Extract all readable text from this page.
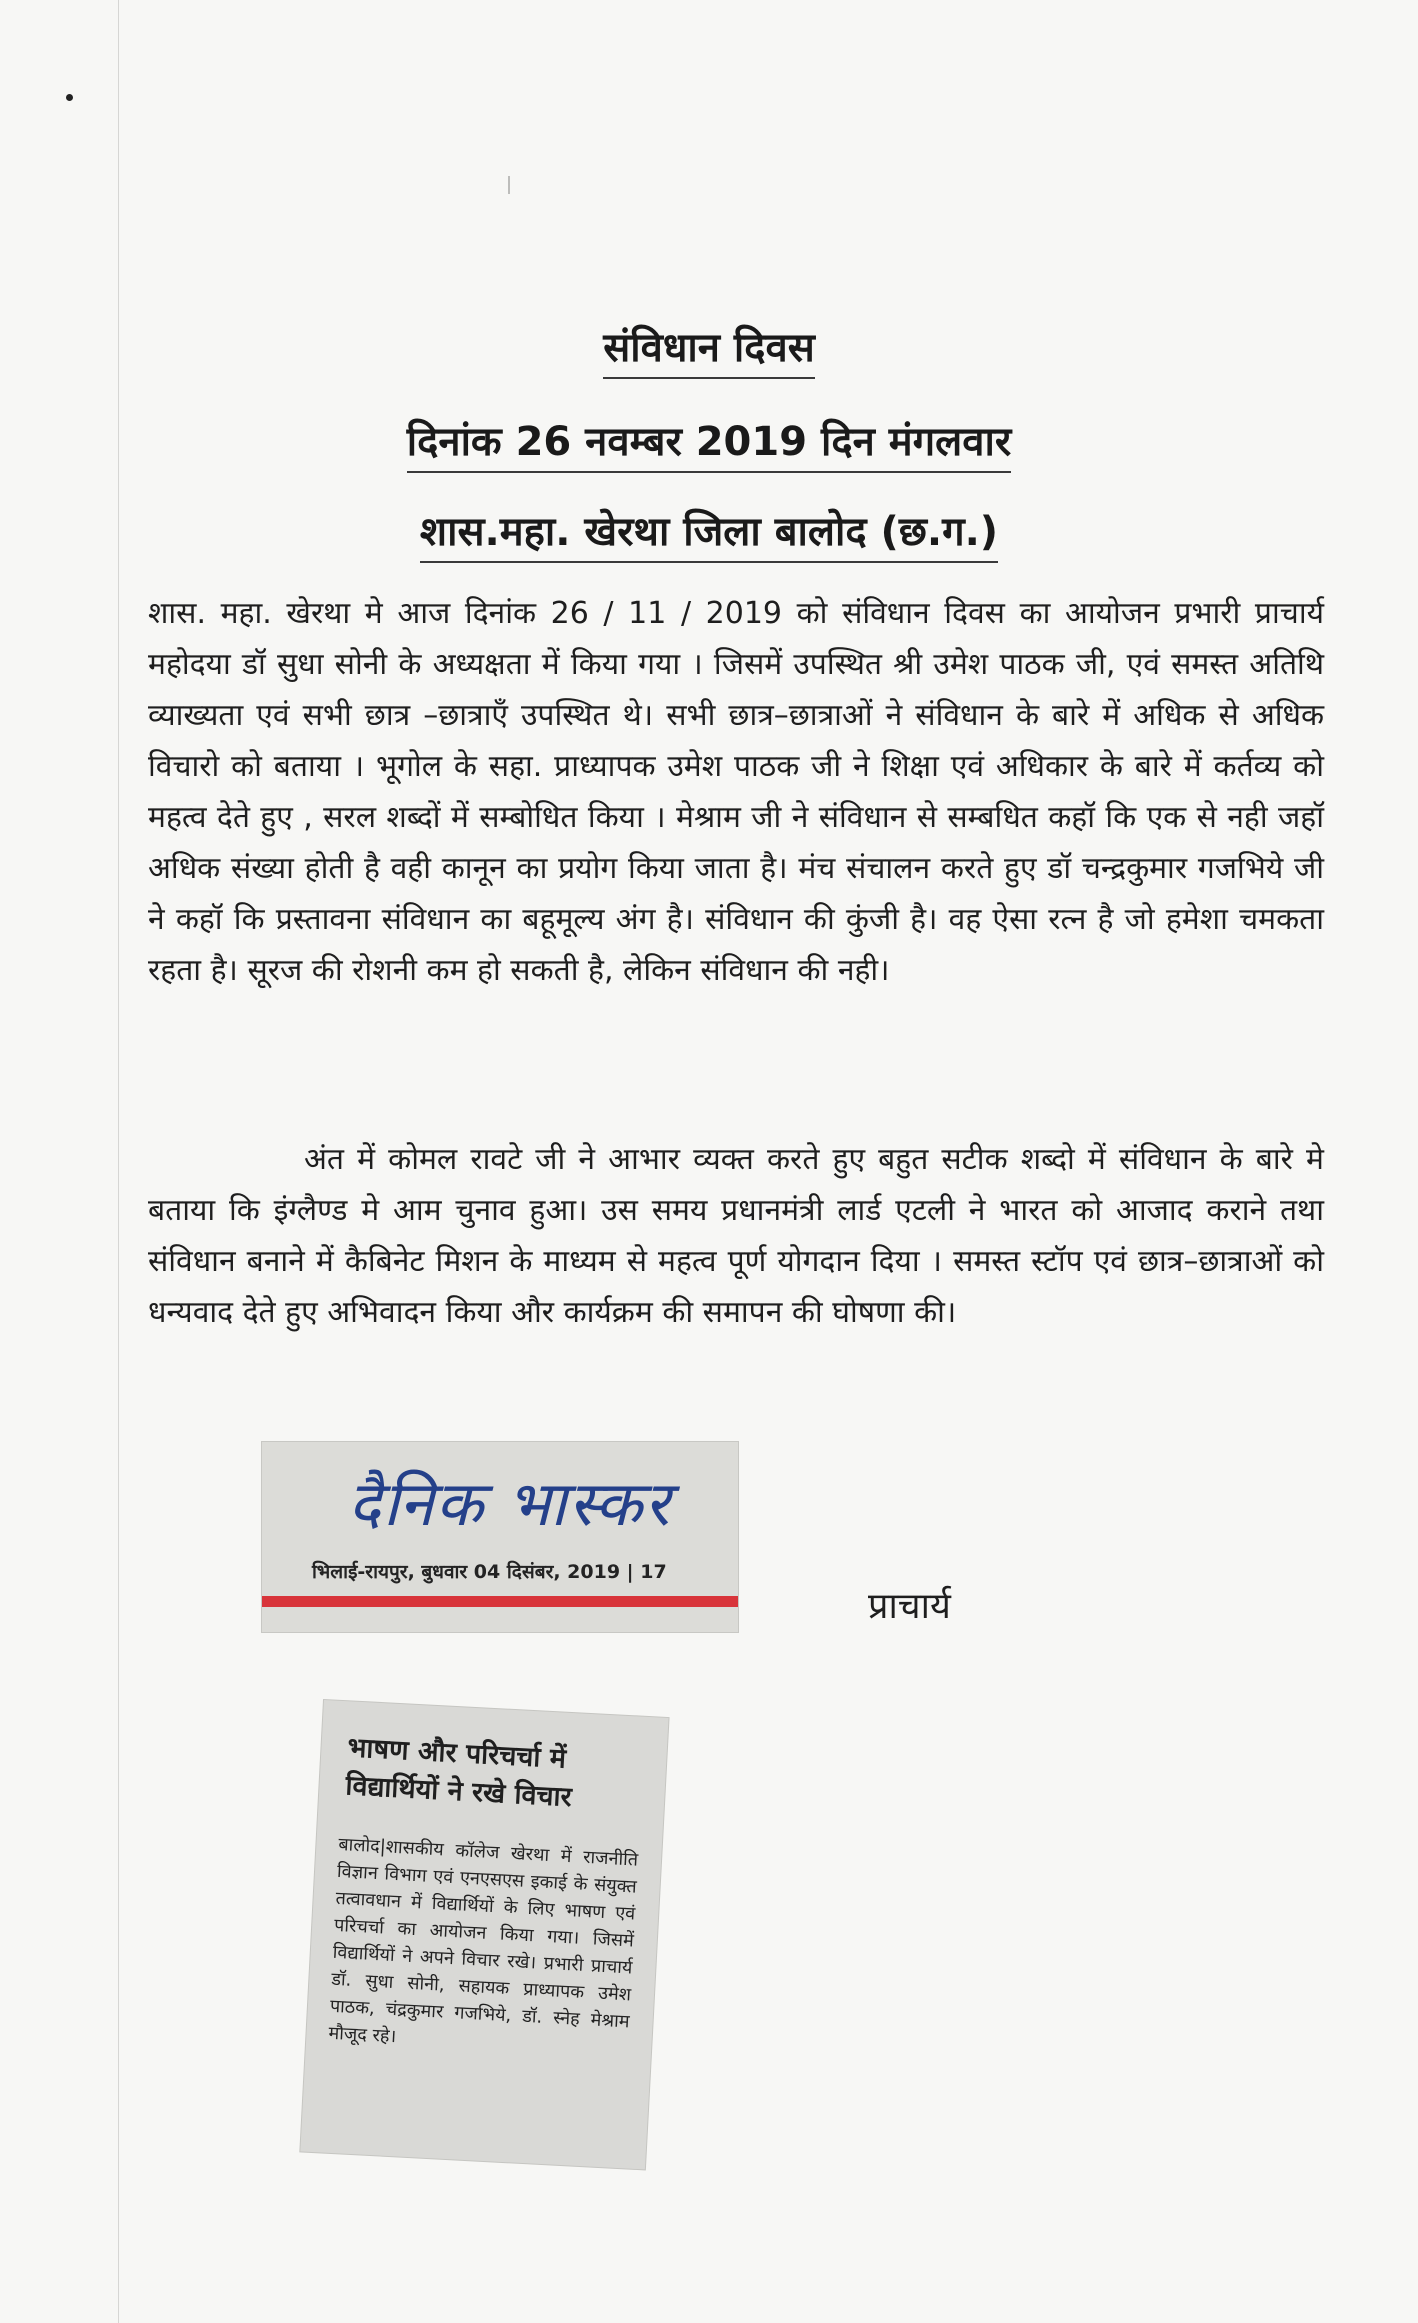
संविधान दिवस
दिनांक 26 नवम्बर 2019 दिन मंगलवार
शास.महा. खेरथा जिला बालोद (छ.ग.)

शास. महा. खेरथा मे आज दिनांक 26 / 11 / 2019 को संविधान दिवस का आयोजन प्रभारी प्राचार्य महोदया डॉ सुधा सोनी के अध्यक्षता में किया गया । जिसमें उपस्थित श्री उमेश पाठक जी, एवं समस्त अतिथि व्याख्यता एवं सभी छात्र –छात्राएँ उपस्थित थे। सभी छात्र–छात्राओं ने संविधान के बारे में अधिक से अधिक विचारो को बताया । भूगोल के सहा. प्राध्यापक उमेश पाठक जी ने शिक्षा एवं अधिकार के बारे में कर्तव्य को महत्व देते हुए , सरल शब्दों में सम्बोधित किया । मेश्राम जी ने संविधान से सम्बधित कहॉ कि एक से नही जहॉ अधिक संख्या होती है वही कानून का प्रयोग किया जाता है। मंच संचालन करते हुए डॉ चन्द्रकुमार गजभिये जी ने कहॉ कि प्रस्तावना संविधान का बहूमूल्य अंग है। संविधान की कुंजी है। वह ऐसा रत्न है जो हमेशा चमकता रहता है। सूरज की रोशनी कम हो सकती है, लेकिन संविधान की नही।

अंत में कोमल रावटे जी ने आभार व्यक्त करते हुए बहुत सटीक शब्दो में संविधान के बारे मे बताया कि इंग्लैण्ड मे आम चुनाव हुआ। उस समय प्रधानमंत्री लार्ड एटली ने भारत को आजाद कराने तथा संविधान बनाने में कैबिनेट मिशन के माध्यम से महत्व पूर्ण योगदान दिया । समस्त स्टॉप एवं छात्र–छात्राओं को धन्यवाद देते हुए अभिवादन किया और कार्यक्रम की समापन की घोषणा की।

दैनिक भास्कर
भिलाई-रायपुर, बुधवार 04 दिसंबर, 2019 | 17
प्राचार्य
भाषण और परिचर्चा में विद्यार्थियों ने रखे विचार

बालोद|शासकीय कॉलेज खेरथा में राजनीति विज्ञान विभाग एवं एनएसएस इकाई के संयुक्त तत्वावधान में विद्यार्थियों के लिए भाषण एवं परिचर्चा का आयोजन किया गया। जिसमें विद्यार्थियों ने अपने विचार रखे। प्रभारी प्राचार्य डॉ. सुधा सोनी, सहायक प्राध्यापक उमेश पाठक, चंद्रकुमार गजभिये, डॉ. स्नेह मेश्राम मौजूद रहे।
